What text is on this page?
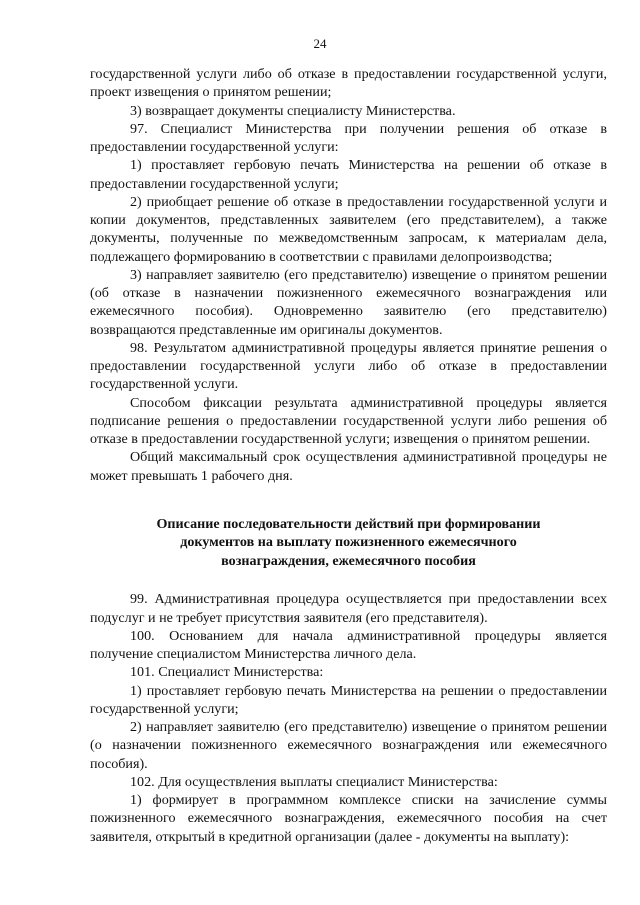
24

государственной услуги либо об отказе в предоставлении государственной услуги, проект извещения о принятом решении;

3) возвращает документы специалисту Министерства.

97. Специалист Министерства при получении решения об отказе в предоставлении государственной услуги:

1) проставляет гербовую печать Министерства на решении об отказе в предоставлении государственной услуги;

2) приобщает решение об отказе в предоставлении государственной услуги и копии документов, представленных заявителем (его представителем), а также документы, полученные по межведомственным запросам, к материалам дела, подлежащего формированию в соответствии с правилами делопроизводства;

3) направляет заявителю (его представителю) извещение о принятом решении (об отказе в назначении пожизненного ежемесячного вознаграждения или ежемесячного пособия). Одновременно заявителю (его представителю) возвращаются представленные им оригиналы документов.

98. Результатом административной процедуры является принятие решения о предоставлении государственной услуги либо об отказе в предоставлении государственной услуги.

Способом фиксации результата административной процедуры является подписание решения о предоставлении государственной услуги либо решения об отказе в предоставлении государственной услуги; извещения о принятом решении.

Общий максимальный срок осуществления административной процедуры не может превышать 1 рабочего дня.

Описание последовательности действий при формировании
документов на выплату пожизненного ежемесячного
вознаграждения, ежемесячного пособия

99. Административная процедура осуществляется при предоставлении всех подуслуг и не требует присутствия заявителя (его представителя).

100. Основанием для начала административной процедуры является получение специалистом Министерства личного дела.

101. Специалист Министерства:

1) проставляет гербовую печать Министерства на решении о предоставлении государственной услуги;

2) направляет заявителю (его представителю) извещение о принятом решении (о назначении пожизненного ежемесячного вознаграждения или ежемесячного пособия).

102. Для осуществления выплаты специалист Министерства:

1) формирует в программном комплексе списки на зачисление суммы пожизненного ежемесячного вознаграждения, ежемесячного пособия на счет заявителя, открытый в кредитной организации (далее - документы на выплату):
